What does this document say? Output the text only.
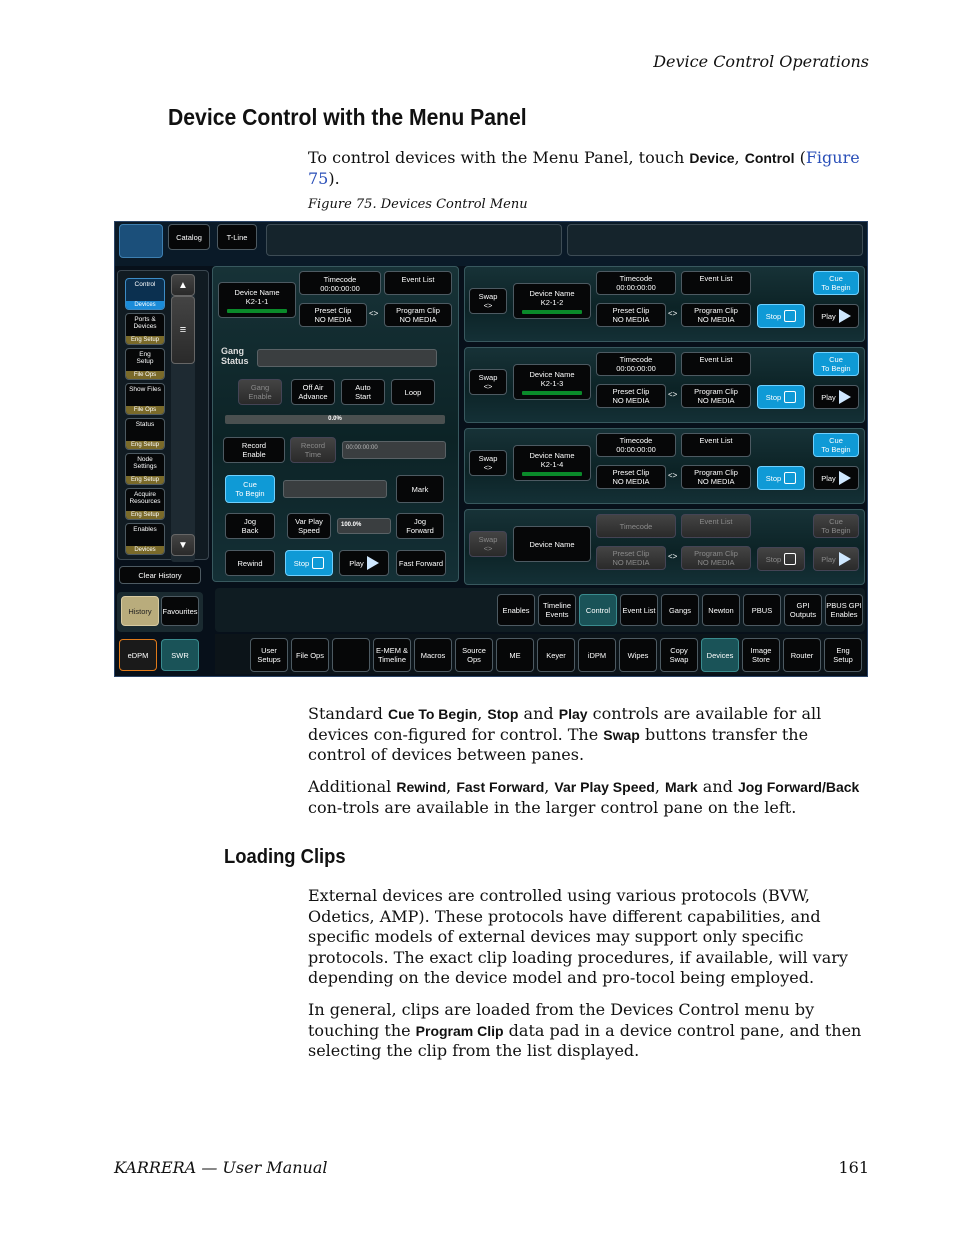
Device Control Operations
Device Control with the Menu Panel
To control devices with the Menu Panel, touch Device, Control (Figure 75).
Figure 75. Devices Control Menu
Catalog	T-Line
Control
Devices
Ports &
Devices
Eng Setup
Eng
Setup
File Ops
Show Files
File Ops
Status
Eng Setup
Node
Settings
Eng Setup
Acquire
Resources
Eng Setup
Enables
Devices
▲
≡
▼
Clear History
History	Favourites
eDPM	SWR
Device Name
K2-1-1
Timecode
00:00:00:00
Event List
Preset Clip
NO MEDIA
<> Program Clip
NO MEDIA
Gang
Status
Gang
Enable
Off Air
Advance
Auto
Start	Loop
0.0%
Record
Enable
Record
Time
00:00:00:00
Cue
To Begin	Mark
Jog
Back
Var Play
Speed
100.0%	Jog
Forward
Rewind	Stop	Play	Fast Forward
Swap
<>
Device Name
K2-1-2
Timecode
00:00:00:00
Event List
Preset Clip
NO MEDIA
<> Program Clip
NO MEDIA	Stop
Cue
To Begin
Play
Swap
<>
Device Name
K2-1-3
Timecode
00:00:00:00
Event List
Preset Clip
NO MEDIA
<> Program Clip
NO MEDIA	Stop
Cue
To Begin
Play
Swap
<>
Device Name
K2-1-4
Timecode
00:00:00:00
Event List
Preset Clip
NO MEDIA
<> Program Clip
NO MEDIA	Stop
Cue
To Begin
Play
Swap
<>	Device Name
Timecode	Event List
Preset Clip
NO MEDIA
<> Program Clip
NO MEDIA	Stop
Cue
To Begin
Play
Enables	Timeline
Events	Control	Event List	Gangs	Newton	PBUS	GPI
Outputs
PBUS GPI
Enables
User
Setups	File Ops	E-MEM &
Timeline	Macros	Source
Ops	ME	Keyer	iDPM	Wipes	Copy
Swap	Devices	Image
Store	Router	Eng
Setup
Standard Cue To Begin, Stop and Play controls are available for all devices con-figured for control. The Swap buttons transfer the control of devices between panes.
Additional Rewind, Fast Forward, Var Play Speed, Mark and Jog Forward/Back con-trols are available in the larger control pane on the left.
Loading Clips
External devices are controlled using various protocols (BVW, Odetics, AMP). These protocols have different capabilities, and specific models of external devices may support only specific protocols. The exact clip loading procedures, if available, will vary depending on the device model and pro-tocol being employed.
In general, clips are loaded from the Devices Control menu by touching the Program Clip data pad in a device control pane, and then selecting the clip from the list displayed.
KARRERA — User Manual	161
